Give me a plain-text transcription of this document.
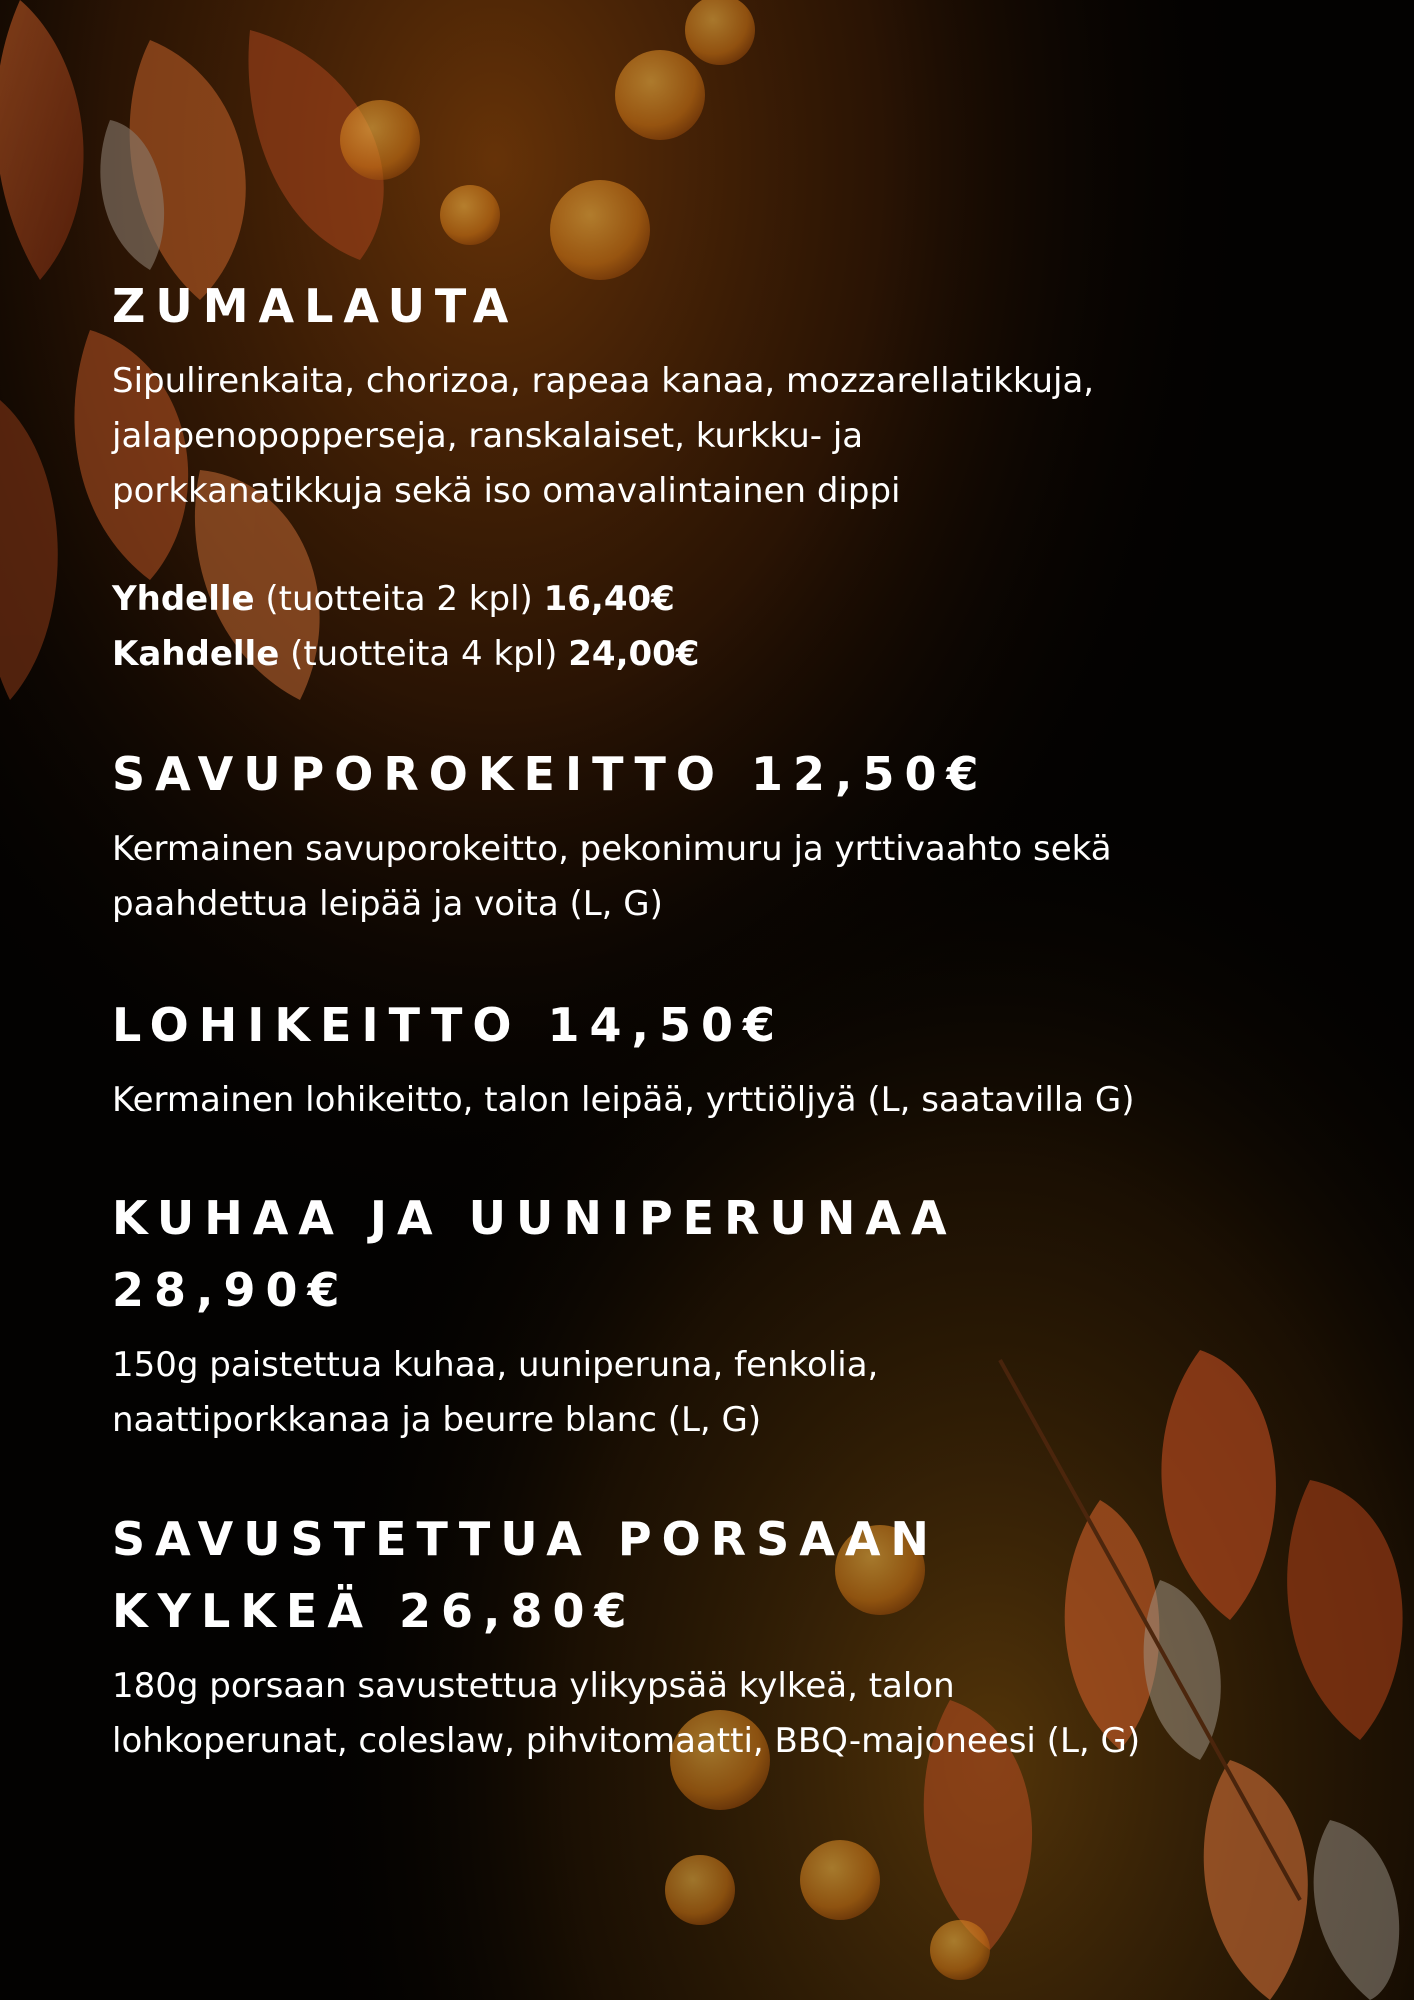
ZUMALAUTA

Sipulirenkaita, chorizoa, rapeaa kanaa, mozzarellatikkuja,
jalapenopopperseja, ranskalaiset, kurkku- ja
porkkanatikkuja sekä iso omavalintainen dippi

Yhdelle (tuotteita 2 kpl) 16,40€

Kahdelle (tuotteita 4 kpl) 24,00€

SAVUPOROKEITTO 12,50€

Kermainen savuporokeitto, pekonimuru ja yrttivaahto sekä
paahdettua leipää ja voita (L, G)

LOHIKEITTO 14,50€

Kermainen lohikeitto, talon leipää, yrttiöljyä (L, saatavilla G)

KUHAA JA UUNIPERUNAA
28,90€

150g paistettua kuhaa, uuniperuna, fenkolia,
naattiporkkanaa ja beurre blanc (L, G)

SAVUSTETTUA PORSAAN
KYLKEÄ 26,80€

180g porsaan savustettua ylikypsää kylkeä, talon
lohkoperunat, coleslaw, pihvitomaatti, BBQ-majoneesi (L, G)
